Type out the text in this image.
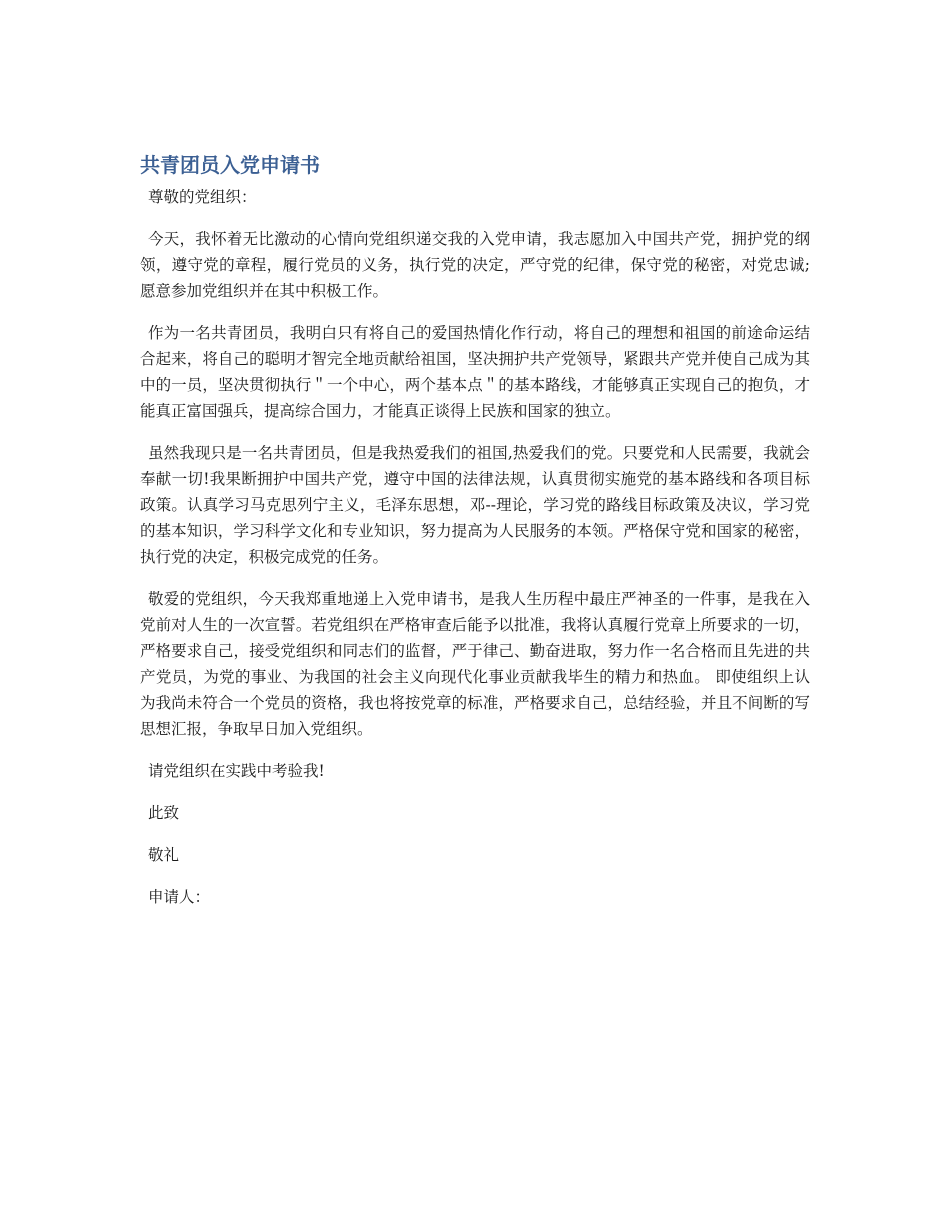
共青团员入党申请书

尊敬的党组织：

今天，我怀着无比激动的心情向党组织递交我的入党申请，我志愿加入中国共产党，拥护党的纲领，遵守党的章程，履行党员的义务，执行党的决定，严守党的纪律，保守党的秘密，对党忠诚;愿意参加党组织并在其中积极工作。

作为一名共青团员，我明白只有将自己的爱国热情化作行动，将自己的理想和祖国的前途命运结合起来，将自己的聪明才智完全地贡献给祖国，坚决拥护共产党领导，紧跟共产党并使自己成为其中的一员，坚决贯彻执行＂一个中心，两个基本点＂的基本路线，才能够真正实现自己的抱负，才能真正富国强兵，提高综合国力，才能真正谈得上民族和国家的独立。

虽然我现只是一名共青团员，但是我热爱我们的祖国,热爱我们的党。只要党和人民需要，我就会奉献一切!我果断拥护中国共产党，遵守中国的法律法规，认真贯彻实施党的基本路线和各项目标政策。认真学习马克思列宁主义，毛泽东思想，邓--理论，学习党的路线目标政策及决议，学习党的基本知识，学习科学文化和专业知识，努力提高为人民服务的本领。严格保守党和国家的秘密，执行党的决定，积极完成党的任务。

敬爱的党组织，今天我郑重地递上入党申请书，是我人生历程中最庄严神圣的一件事，是我在入党前对人生的一次宣誓。若党组织在严格审查后能予以批准，我将认真履行党章上所要求的一切，严格要求自己，接受党组织和同志们的监督，严于律己、勤奋进取，努力作一名合格而且先进的共产党员，为党的事业、为我国的社会主义向现代化事业贡献我毕生的精力和热血。 即使组织上认为我尚未符合一个党员的资格，我也将按党章的标准，严格要求自己，总结经验，并且不间断的写思想汇报，争取早日加入党组织。

请党组织在实践中考验我!

此致

敬礼

申请人：
